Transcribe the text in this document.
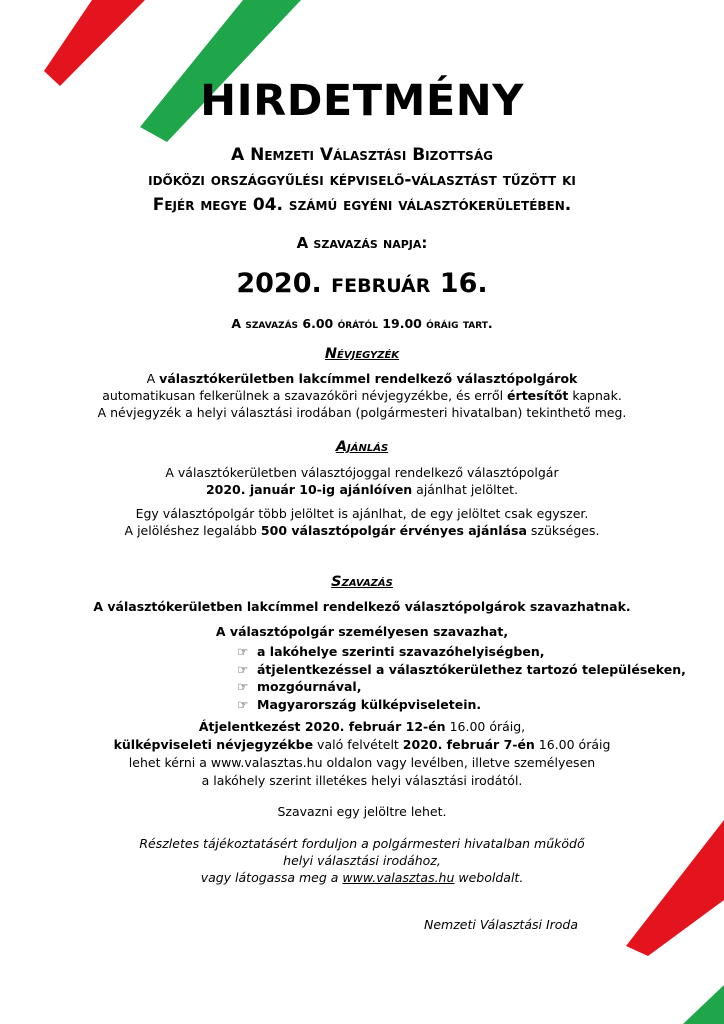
HIRDETMÉNY
A Nemzeti Választási Bizottság
időközi országgyűlési képviselő-választást tűzött ki
Fejér megye 04. számú egyéni választókerületében.
A szavazás napja:
2020. február 16.
A szavazás 6.00 órától 19.00 óráig tart.
Névjegyzék
A választókerületben lakcímmel rendelkező választópolgárok
automatikusan felkerülnek a szavazóköri névjegyzékbe, és erről értesítőt kapnak.
A névjegyzék a helyi választási irodában (polgármesteri hivatalban) tekinthető meg.
Ajánlás
A választókerületben választójoggal rendelkező választópolgár
2020. január 10-ig ajánlóíven ajánlhat jelöltet.
Egy választópolgár több jelöltet is ajánlhat, de egy jelöltet csak egyszer.
A jelöléshez legalább 500 választópolgár érvényes ajánlása szükséges.
Szavazás
A választókerületben lakcímmel rendelkező választópolgárok szavazhatnak.
A választópolgár személyesen szavazhat,
☞ a lakóhelye szerinti szavazóhelyiségben,
☞ átjelentkezéssel a választókerülethez tartozó településeken,
☞ mozgóurnával,
☞ Magyarország külképviseletein.
Átjelentkezést 2020. február 12-én 16.00 óráig,
külképviseleti névjegyzékbe való felvételt 2020. február 7-én 16.00 óráig
lehet kérni a www.valasztas.hu oldalon vagy levélben, illetve személyesen
a lakóhely szerint illetékes helyi választási irodától.
Szavazni egy jelöltre lehet.
Részletes tájékoztatásért forduljon a polgármesteri hivatalban működő
helyi választási irodához,
vagy látogassa meg a www.valasztas.hu weboldalt.
Nemzeti Választási Iroda
